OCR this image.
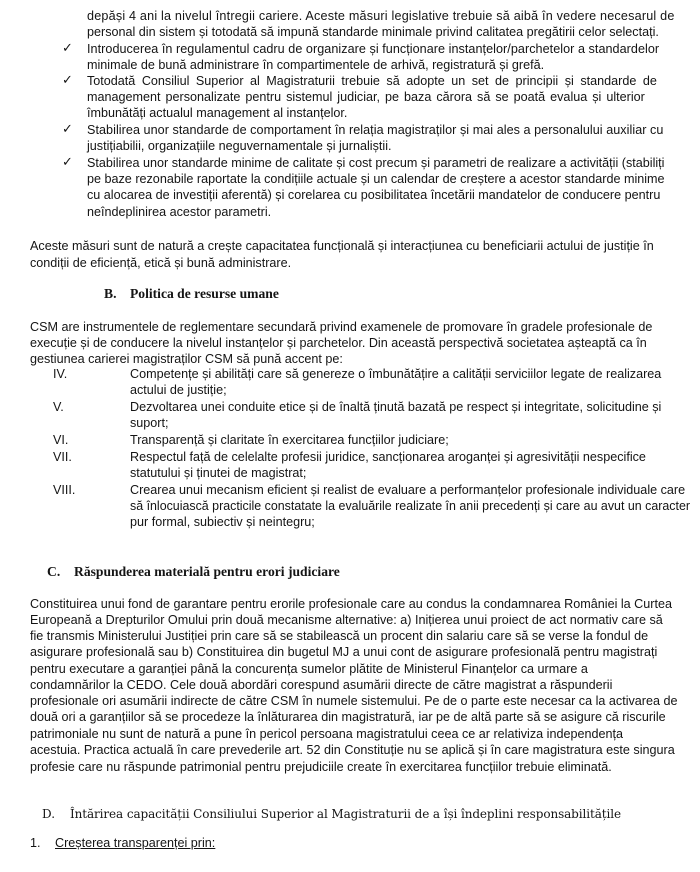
depăși 4 ani la nivelul întregii cariere. Aceste măsuri legislative trebuie să aibă în vedere necesarul de
personal din sistem și totodată să impună standarde minimale privind calitatea pregătirii celor selectați.
✓ Introducerea în regulamentul cadru de organizare și funcționare instanțelor/parchetelor a standardelor
minimale de bună administrare în compartimentele de arhivă, registratură și grefă.
✓ Totodată Consiliul Superior al Magistraturii trebuie să adopte un set de principii și standarde de
management personalizate pentru sistemul judiciar, pe baza cărora să se poată evalua și ulterior
îmbunătăți actualul management al instanțelor.
✓ Stabilirea unor standarde de comportament în relația magistraților și mai ales a personalului auxiliar cu
justițiabilii, organizațiile neguvernamentale și jurnaliștii.
✓ Stabilirea unor standarde minime de calitate și cost precum și parametri de realizare a activității (stabiliți
pe baze rezonabile raportate la condițiile actuale și un calendar de creștere a acestor standarde minime
cu alocarea de investiții aferentă) și corelarea cu posibilitatea încetării mandatelor de conducere pentru
neîndeplinirea acestor parametri.
Aceste măsuri sunt de natură a crește capacitatea funcțională și interacțiunea cu beneficiarii actului de justiție în
condiții de eficiență, etică și bună administrare.
B. Politica de resurse umane
CSM are instrumentele de reglementare secundară privind examenele de promovare în gradele profesionale de
execuție și de conducere la nivelul instanțelor și parchetelor. Din această perspectivă societatea așteaptă ca în
gestiunea carierei magistraților CSM să pună accent pe:
IV.	Competențe și abilități care să genereze o îmbunătățire a calității serviciilor legate de realizarea
actului de justiție;
V.	Dezvoltarea unei conduite etice și de înaltă ținută bazată pe respect și integritate, solicitudine și
suport;
VI.	Transparență și claritate în exercitarea funcțiilor judiciare;
VII.	Respectul față de celelalte profesii juridice, sancționarea aroganței și agresivității nespecifice
statutului și ținutei de magistrat;
VIII.	Crearea unui mecanism eficient și realist de evaluare a performanțelor profesionale individuale care
să înlocuiască practicile constatate la evaluările realizate în anii precedenți și care au avut un caracter
pur formal, subiectiv și neintegru;
C. Răspunderea materială pentru erori judiciare
Constituirea unui fond de garantare pentru erorile profesionale care au condus la condamnarea României la Curtea
Europeană a Drepturilor Omului prin două mecanisme alternative: a) Inițierea unui proiect de act normativ care să
fie transmis Ministerului Justiției prin care să se stabilească un procent din salariu care să se verse la fondul de
asigurare profesională sau b) Constituirea din bugetul MJ a unui cont de asigurare profesională pentru magistrați
pentru executare a garanției până la concurența sumelor plătite de Ministerul Finanțelor ca urmare a
condamnărilor la CEDO. Cele două abordări corespund asumării directe de către magistrat a răspunderii
profesionale ori asumării indirecte de către CSM în numele sistemului. Pe de o parte este necesar ca la activarea de
două ori a garanțiilor să se procedeze la înlăturarea din magistratură, iar pe de altă parte să se asigure că riscurile
patrimoniale nu sunt de natură a pune în pericol persoana magistratului ceea ce ar relativiza independența
acestuia. Practica actuală în care prevederile art. 52 din Constituție nu se aplică și în care magistratura este singura
profesie care nu răspunde patrimonial pentru prejudiciile create în exercitarea funcțiilor trebuie eliminată.
D. Întărirea capacității Consiliului Superior al Magistraturii de a își îndeplini responsabilitățile
1. Creșterea transparenței prin:
